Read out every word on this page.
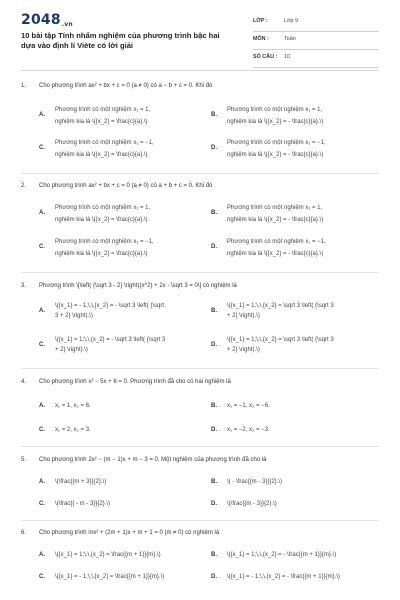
2048.vn
10 bài tập Tính nhẩm nghiệm của phương trình bậc hai dựa vào định lí Viète có lời giải
LỚP :	Lớp 9
MÔN :	Toán
SỐ CÂU : 10
1. Cho phương trình ax² + bx + c = 0 (a ≠ 0) có a − b + c = 0. Khi đó
A.
Phương trình có một nghiệm x₁ = 1,
nghiệm kia là \({x_2} = \frac{c}{a}.\)
B.
Phương trình có một nghiệm x₁ = 1,
nghiệm kia là \({x_2} = - \frac{c}{a}.\)
C.
Phương trình có một nghiệm x₁ = −1,
nghiệm kia là \({x_2} = \frac{c}{a}.\)
D.
Phương trình có một nghiệm x₁ = −1,
nghiệm kia là \({x_2} = - \frac{c}{a}.\)
2. Cho phương trình ax² + bx + c = 0 (a ≠ 0) có a + b + c = 0. Khi đó
A.
Phương trình có một nghiệm x₁ = 1,
nghiệm kia là \({x_2} = \frac{c}{a}.\)
B.
Phương trình có một nghiệm x₁ = 1,
nghiệm kia là \({x_2} = - \frac{c}{a}.\)
C.
Phương trình có một nghiệm x₁ = −1,
nghiệm kia là \({x_2} = \frac{c}{a}.\)
D.
Phương trình có một nghiệm x₁ = −1,
nghiệm kia là \({x_2} = - \frac{c}{a}.\)
3. Phương trình \[\left( {\sqrt 3 - 2} \right){x^2} + 2x - \sqrt 3 = 0\] có nghiệm là
A.
\({x_1} = - 1;\,\,{x_2} = - \sqrt 3 \left( {\sqrt
3 + 2} \right).\)
B.
\({x_1} = 1;\,\,{x_2} = \sqrt 3 \left( {\sqrt 3
+ 2} \right).\)
C.
\({x_1} = 1;\,\,{x_2} = - \sqrt 3 \left( {\sqrt 3
+ 2} \right).\)
D.
\({x_1} = 1;\,\,{x_2} = \sqrt 3 \left( {\sqrt 3
+ 2} \right).\)
4. Cho phương trình x² − 5x + 6 = 0. Phương trình đã cho có hai nghiệm là
A. x₁ = 1, x₂ = 6.	B. x₁ = −1, x₂ = −6.
C. x₁ = 2, x₂ = 3.	D. x₁ = −2, x₂ = −3.
5. Cho phương trình 2x² − (m − 1)x + m − 3 = 0. Một nghiệm của phương trình đã cho là
A. \(\frac{{m + 3}}{2}.\)	B. \( - \frac{{m - 3}}{2}.\)
C. \(\frac{{ - m - 3}}{2}.\)	D. \(\frac{{m - 3}}{2}.\)
6. Cho phương trình mx² + (2m + 1)x + m + 1 = 0 (m ≠ 0) có nghiệm là
A. \({x_1} = 1;\,\,{x_2} = \frac{{m + 1}}{m}.\)	B. \({x_1} = 1;\,\,{x_2} = - \frac{{m + 1}}{m}.\)
C. \({x_1} = - 1;\,\,{x_2} = \frac{{m + 1}}{m}.\)	D. \({x_1} = - 1;\,\,{x_2} = - \frac{{m + 1}}{m}.\)
